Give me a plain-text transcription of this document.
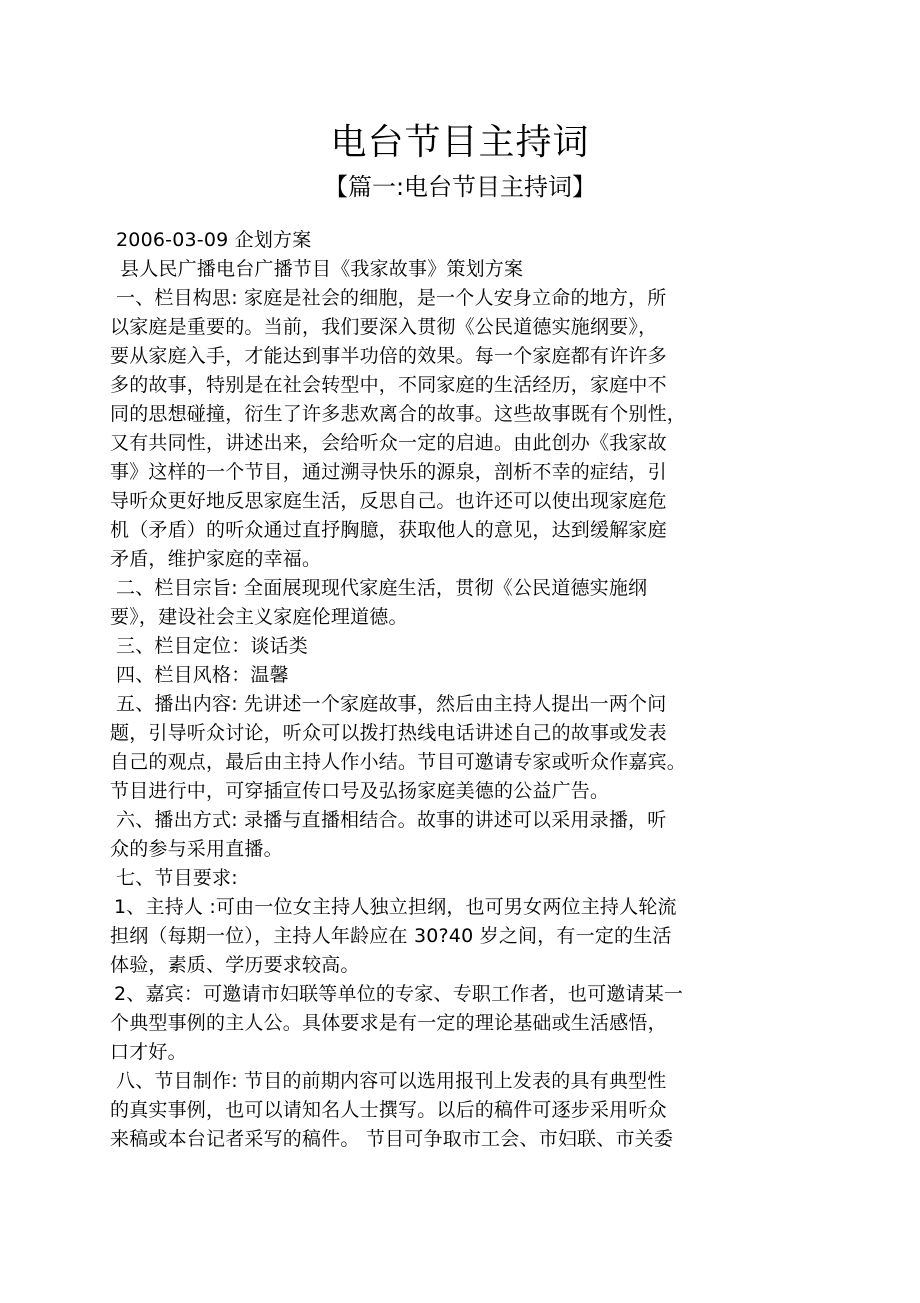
电台节目主持词
【篇一:电台节目主持词】
2006-03-09 企划方案
县人民广播电台广播节目《我家故事》策划方案
一、栏目构思: 家庭是社会的细胞，是一个人安身立命的地方，所
以家庭是重要的。当前，我们要深入贯彻《公民道德实施纲要》，
要从家庭入手，才能达到事半功倍的效果。每一个家庭都有许许多
多的故事，特别是在社会转型中，不同家庭的生活经历，家庭中不
同的思想碰撞，衍生了许多悲欢离合的故事。这些故事既有个别性，
又有共同性，讲述出来，会给听众一定的启迪。由此创办《我家故
事》这样的一个节目，通过溯寻快乐的源泉，剖析不幸的症结，引
导听众更好地反思家庭生活，反思自己。也许还可以使出现家庭危
机（矛盾）的听众通过直抒胸臆，获取他人的意见，达到缓解家庭
矛盾，维护家庭的幸福。
二、栏目宗旨: 全面展现现代家庭生活，贯彻《公民道德实施纲
要》，建设社会主义家庭伦理道德。
三、栏目定位：谈话类
四、栏目风格：温馨
五、播出内容: 先讲述一个家庭故事，然后由主持人提出一两个问
题，引导听众讨论，听众可以拨打热线电话讲述自己的故事或发表
自己的观点，最后由主持人作小结。节目可邀请专家或听众作嘉宾。
节目进行中，可穿插宣传口号及弘扬家庭美德的公益广告。
六、播出方式: 录播与直播相结合。故事的讲述可以采用录播，听
众的参与采用直播。
七、节目要求:
1、主持人 :可由一位女主持人独立担纲，也可男女两位主持人轮流
担纲（每期一位），主持人年龄应在 30?40 岁之间，有一定的生活
体验，素质、学历要求较高。
2、嘉宾：可邀请市妇联等单位的专家、专职工作者，也可邀请某一
个典型事例的主人公。具体要求是有一定的理论基础或生活感悟，
口才好。
八、节目制作: 节目的前期内容可以选用报刊上发表的具有典型性
的真实事例，也可以请知名人士撰写。以后的稿件可逐步采用听众
来稿或本台记者采写的稿件。 节目可争取市工会、市妇联、市关委
